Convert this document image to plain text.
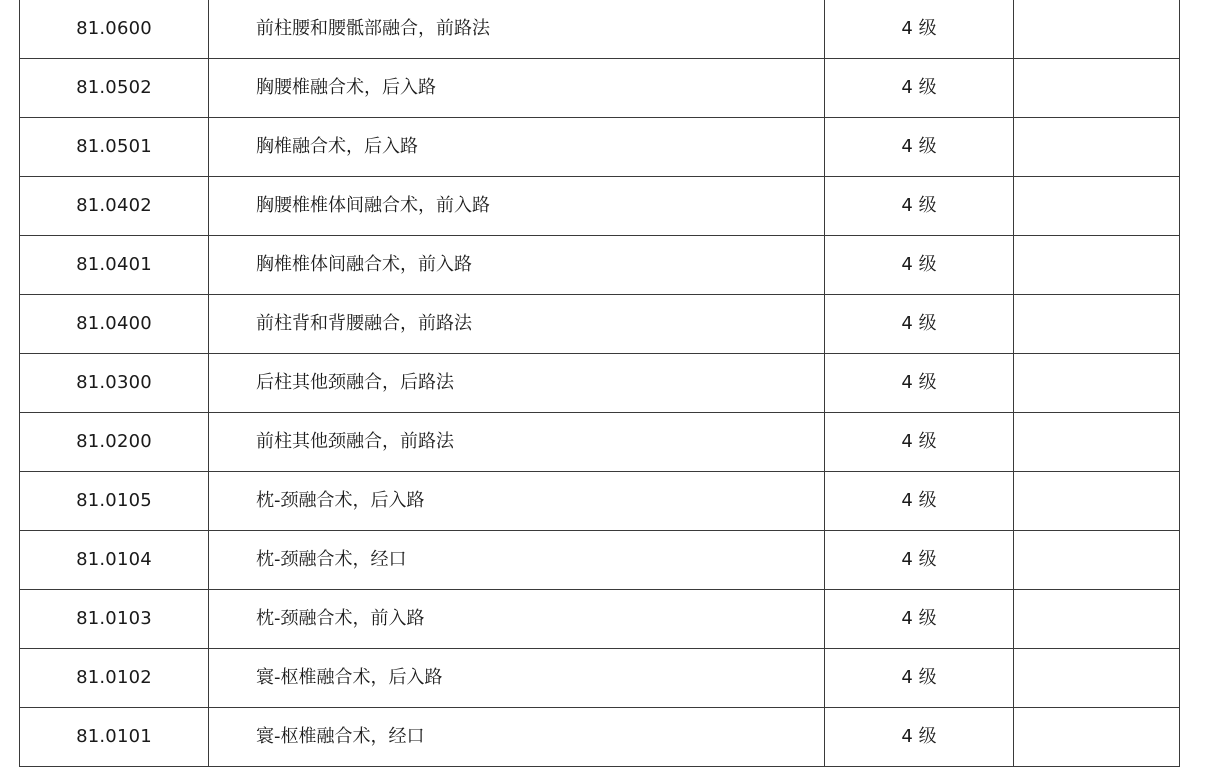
81.0600	前柱腰和腰骶部融合，前路法	4 级	
81.0502	胸腰椎融合术，后入路	4 级	
81.0501	胸椎融合术，后入路	4 级	
81.0402	胸腰椎椎体间融合术，前入路	4 级	
81.0401	胸椎椎体间融合术，前入路	4 级	
81.0400	前柱背和背腰融合，前路法	4 级	
81.0300	后柱其他颈融合，后路法	4 级	
81.0200	前柱其他颈融合，前路法	4 级	
81.0105	枕-颈融合术，后入路	4 级	
81.0104	枕-颈融合术，经口	4 级	
81.0103	枕-颈融合术，前入路	4 级	
81.0102	寰-枢椎融合术，后入路	4 级	
81.0101	寰-枢椎融合术，经口	4 级	
